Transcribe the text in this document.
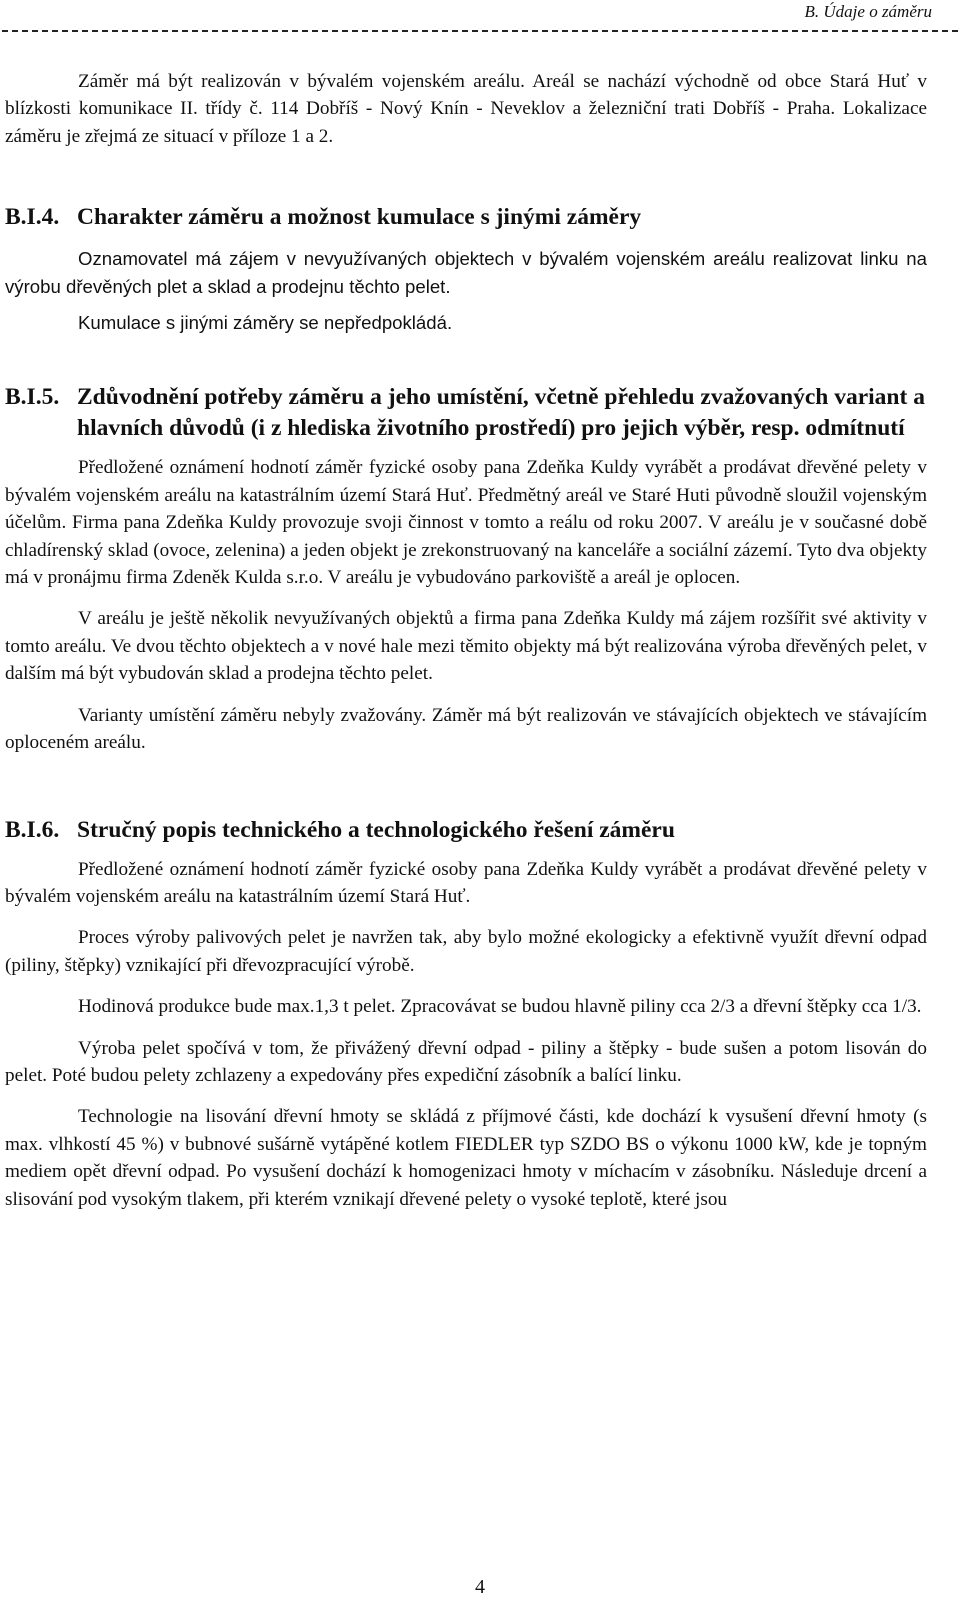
B. Údaje o záměru

Záměr má být realizován v bývalém vojenském areálu. Areál se nachází východně od obce Stará Huť v blízkosti komunikace II. třídy č. 114 Dobříš - Nový Knín - Neveklov a železniční trati Dobříš - Praha. Lokalizace záměru je zřejmá ze situací v příloze 1 a 2.

B.I.4. Charakter záměru a možnost kumulace s jinými záměry

Oznamovatel má zájem v nevyužívaných objektech v bývalém vojenském areálu realizovat linku na výrobu dřevěných plet a sklad a prodejnu těchto pelet.

Kumulace s jinými záměry se nepředpokládá.

B.I.5. Zdůvodnění potřeby záměru a jeho umístění, včetně přehledu zvažovaných variant a hlavních důvodů (i z hlediska životního prostředí) pro jejich výběr, resp. odmítnutí

Předložené oznámení hodnotí záměr fyzické osoby pana Zdeňka Kuldy vyrábět a prodávat dřevěné pelety v bývalém vojenském areálu na katastrálním území Stará Huť. Předmětný areál ve Staré Huti původně sloužil vojenským účelům. Firma pana Zdeňka Kuldy provozuje svoji činnost v tomto a reálu od roku 2007. V areálu je v současné době chladírenský sklad (ovoce, zelenina) a jeden objekt je zrekonstruovaný na kanceláře a sociální zázemí. Tyto dva objekty má v pronájmu firma Zdeněk Kulda s.r.o. V areálu je vybudováno parkoviště a areál je oplocen.

V areálu je ještě několik nevyužívaných objektů a firma pana Zdeňka Kuldy má zájem rozšířit své aktivity v tomto areálu. Ve dvou těchto objektech a v nové hale mezi těmito objekty má být realizována výroba dřevěných pelet, v dalším má být vybudován sklad a prodejna těchto pelet.

Varianty umístění záměru nebyly zvažovány. Záměr má být realizován ve stávajících objektech ve stávajícím oploceném areálu.

B.I.6. Stručný popis technického a technologického řešení záměru

Předložené oznámení hodnotí záměr fyzické osoby pana Zdeňka Kuldy vyrábět a prodávat dřevěné pelety v bývalém vojenském areálu na katastrálním území Stará Huť.

Proces výroby palivových pelet je navržen tak, aby bylo možné ekologicky a efektivně využít dřevní odpad (piliny, štěpky) vznikající při dřevozpracující výrobě.

Hodinová produkce bude max.1,3 t pelet. Zpracovávat se budou hlavně piliny cca 2/3 a dřevní štěpky cca 1/3.

Výroba pelet spočívá v tom, že přivážený dřevní odpad - piliny a štěpky - bude sušen a potom lisován do pelet. Poté budou pelety zchlazeny a expedovány přes expediční zásobník a balící linku.

Technologie na lisování dřevní hmoty se skládá z příjmové části, kde dochází k vysušení dřevní hmoty (s max. vlhkostí 45 %) v bubnové sušárně vytápěné kotlem FIEDLER typ SZDO BS o výkonu 1000 kW, kde je topným mediem opět dřevní odpad. Po vysušení dochází k homogenizaci hmoty v míchacím v zásobníku. Následuje drcení a slisování pod vysokým tlakem, při kterém vznikají dřevené pelety o vysoké teplotě, které jsou

4
